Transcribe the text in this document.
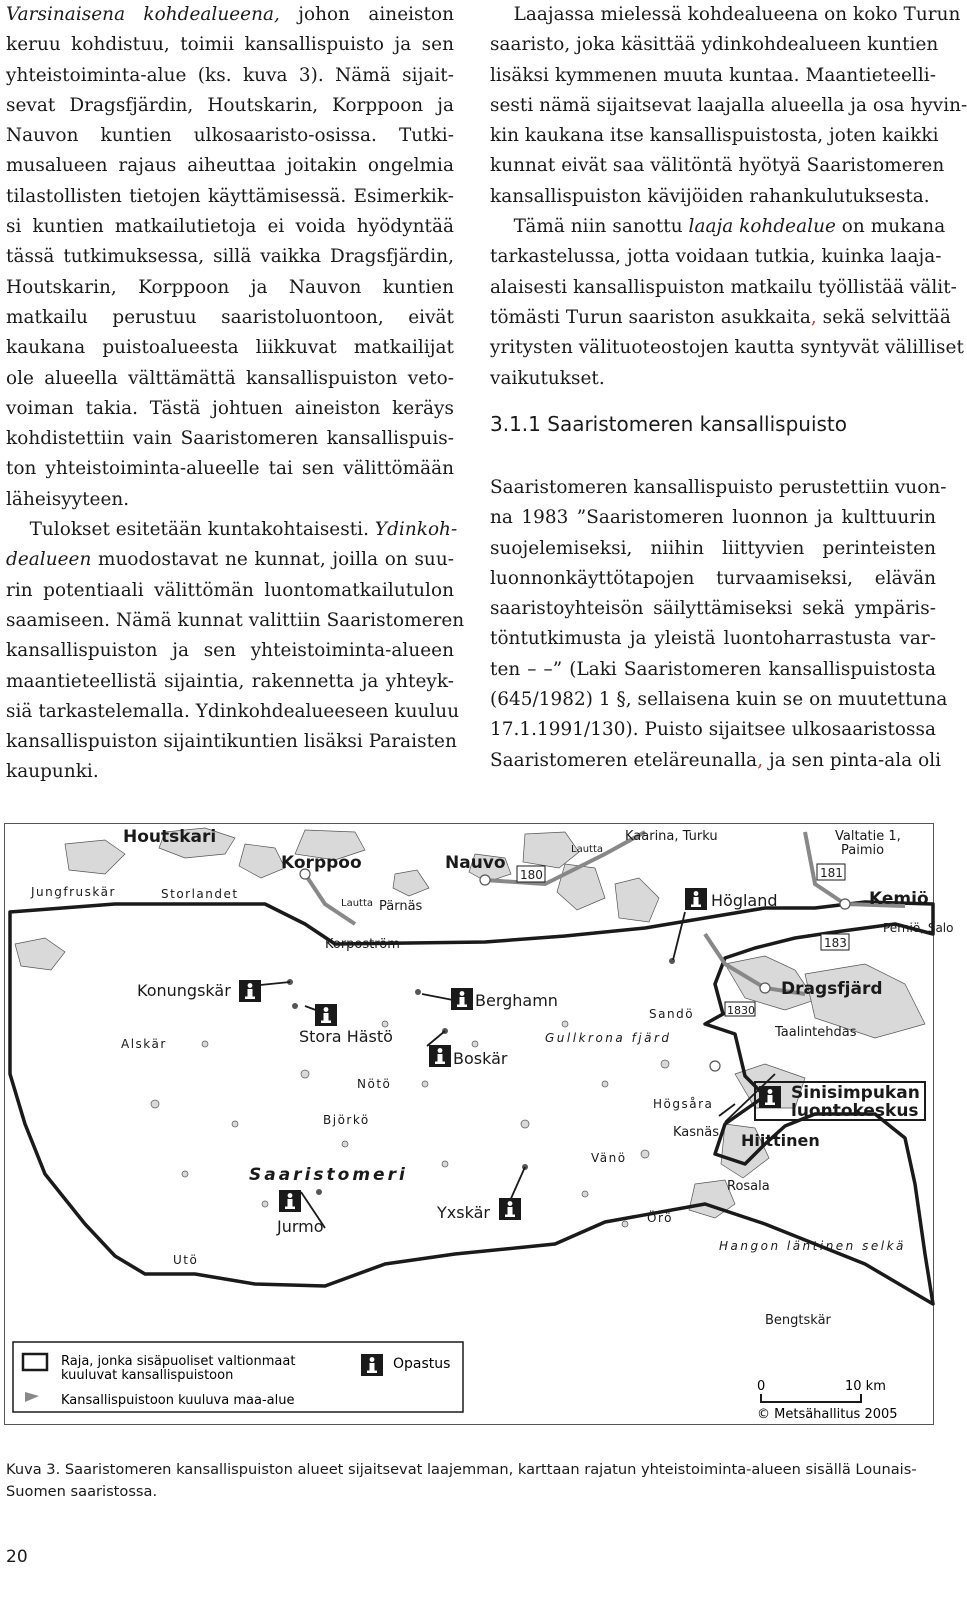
Varsinaisena kohdealueena, johon aineiston
keruu kohdistuu, toimii kansallispuisto ja sen
yhteistoiminta-alue (ks. kuva 3). Nämä sijait-
sevat Dragsfjärdin, Houtskarin, Korppoon ja
Nauvon kuntien ulkosaaristo-osissa. Tutki-
musalueen rajaus aiheuttaa joitakin ongelmia
tilastollisten tietojen käyttämisessä. Esimerkik-
si kuntien matkailutietoja ei voida hyödyntää
tässä tutkimuksessa, sillä vaikka Dragsfjärdin,
Houtskarin, Korppoon ja Nauvon kuntien
matkailu perustuu saaristoluontoon, eivät
kaukana puistoalueesta liikkuvat matkailijat
ole alueella välttämättä kansallispuiston veto-
voiman takia. Tästä johtuen aineiston keräys
kohdistettiin vain Saaristomeren kansallispuis-
ton yhteistoiminta-alueelle tai sen välittömään
läheisyyteen.
Tulokset esitetään kuntakohtaisesti. Ydinkoh-
dealueen muodostavat ne kunnat, joilla on suu-
rin potentiaali välittömän luontomatkailutulon
saamiseen. Nämä kunnat valittiin Saaristomeren
kansallispuiston ja sen yhteistoiminta-alueen
maantieteellistä sijaintia, rakennetta ja yhteyk-
siä tarkastelemalla. Ydinkohdealueeseen kuuluu
kansallispuiston sijaintikuntien lisäksi Paraisten
kaupunki.
Laajassa mielessä kohdealueena on koko Turun
saaristo, joka käsittää ydinkohdealueen kuntien
lisäksi kymmenen muuta kuntaa. Maantieteelli-
sesti nämä sijaitsevat laajalla alueella ja osa hyvin-
kin kaukana itse kansallispuistosta, joten kaikki
kunnat eivät saa välitöntä hyötyä Saaristomeren
kansallispuiston kävijöiden rahankulutuksesta.
Tämä niin sanottu laaja kohdealue on mukana
tarkastelussa, jotta voidaan tutkia, kuinka laaja-
alaisesti kansallispuiston matkailu työllistää välit-
tömästi Turun saariston asukkaita, sekä selvittää
yritysten välituoteostojen kautta syntyvät välilliset
vaikutukset.
3.1.1 Saaristomeren kansallispuisto
Saaristomeren kansallispuisto perustettiin vuon-
na 1983 ”Saaristomeren luonnon ja kulttuurin
suojelemiseksi, niihin liittyvien perinteisten
luonnonkäyttötapojen turvaamiseksi, elävän
saaristoyhteisön säilyttämiseksi sekä ympäris-
töntutkimusta ja yleistä luontoharrastusta var-
ten – –” (Laki Saaristomeren kansallispuistosta
(645/1982) 1 §, sellaisena kuin se on muutettuna
17.1.1991/130). Puisto sijaitsee ulkosaaristossa
Saaristomeren eteläreunalla, ja sen pinta-ala oli
Houtskari
Korppoo	Nauvo
Kemiö
Dragsfjärd
Hiittinen
Jungfruskär	Storlandet
Lautta Pärnäs
Korpoström
Lautta
Kaarina, Turku	Valtatie 1,
Perniö, Salo
Taalintehdas
Alskär
Nötö
Björkö
Utö
Sandö
Högsåra
Kasnäs
Vänö
Rosala
Örö
Bengtskär
Paimio
Högland
Konungskär
Berghamn
Stora Hästö
Boskär
Jurmo
Yxskär
180	181
183
1830
Saaristomeri
Gullkrona fjärd
Hangon läntinen selkä
Sinisimpukan
luontokeskus
Raja, jonka sisäpuoliset valtionmaat
kuuluvat kansallispuistoon
Kansallispuistoon kuuluva maa-alue
Opastus
0	10 km
© Metsähallitus 2005
Kuva 3. Saaristomeren kansallispuiston alueet sijaitsevat laajemman, karttaan rajatun yhteistoiminta-alueen sisällä Lounais-Suomen saaristossa.
20
